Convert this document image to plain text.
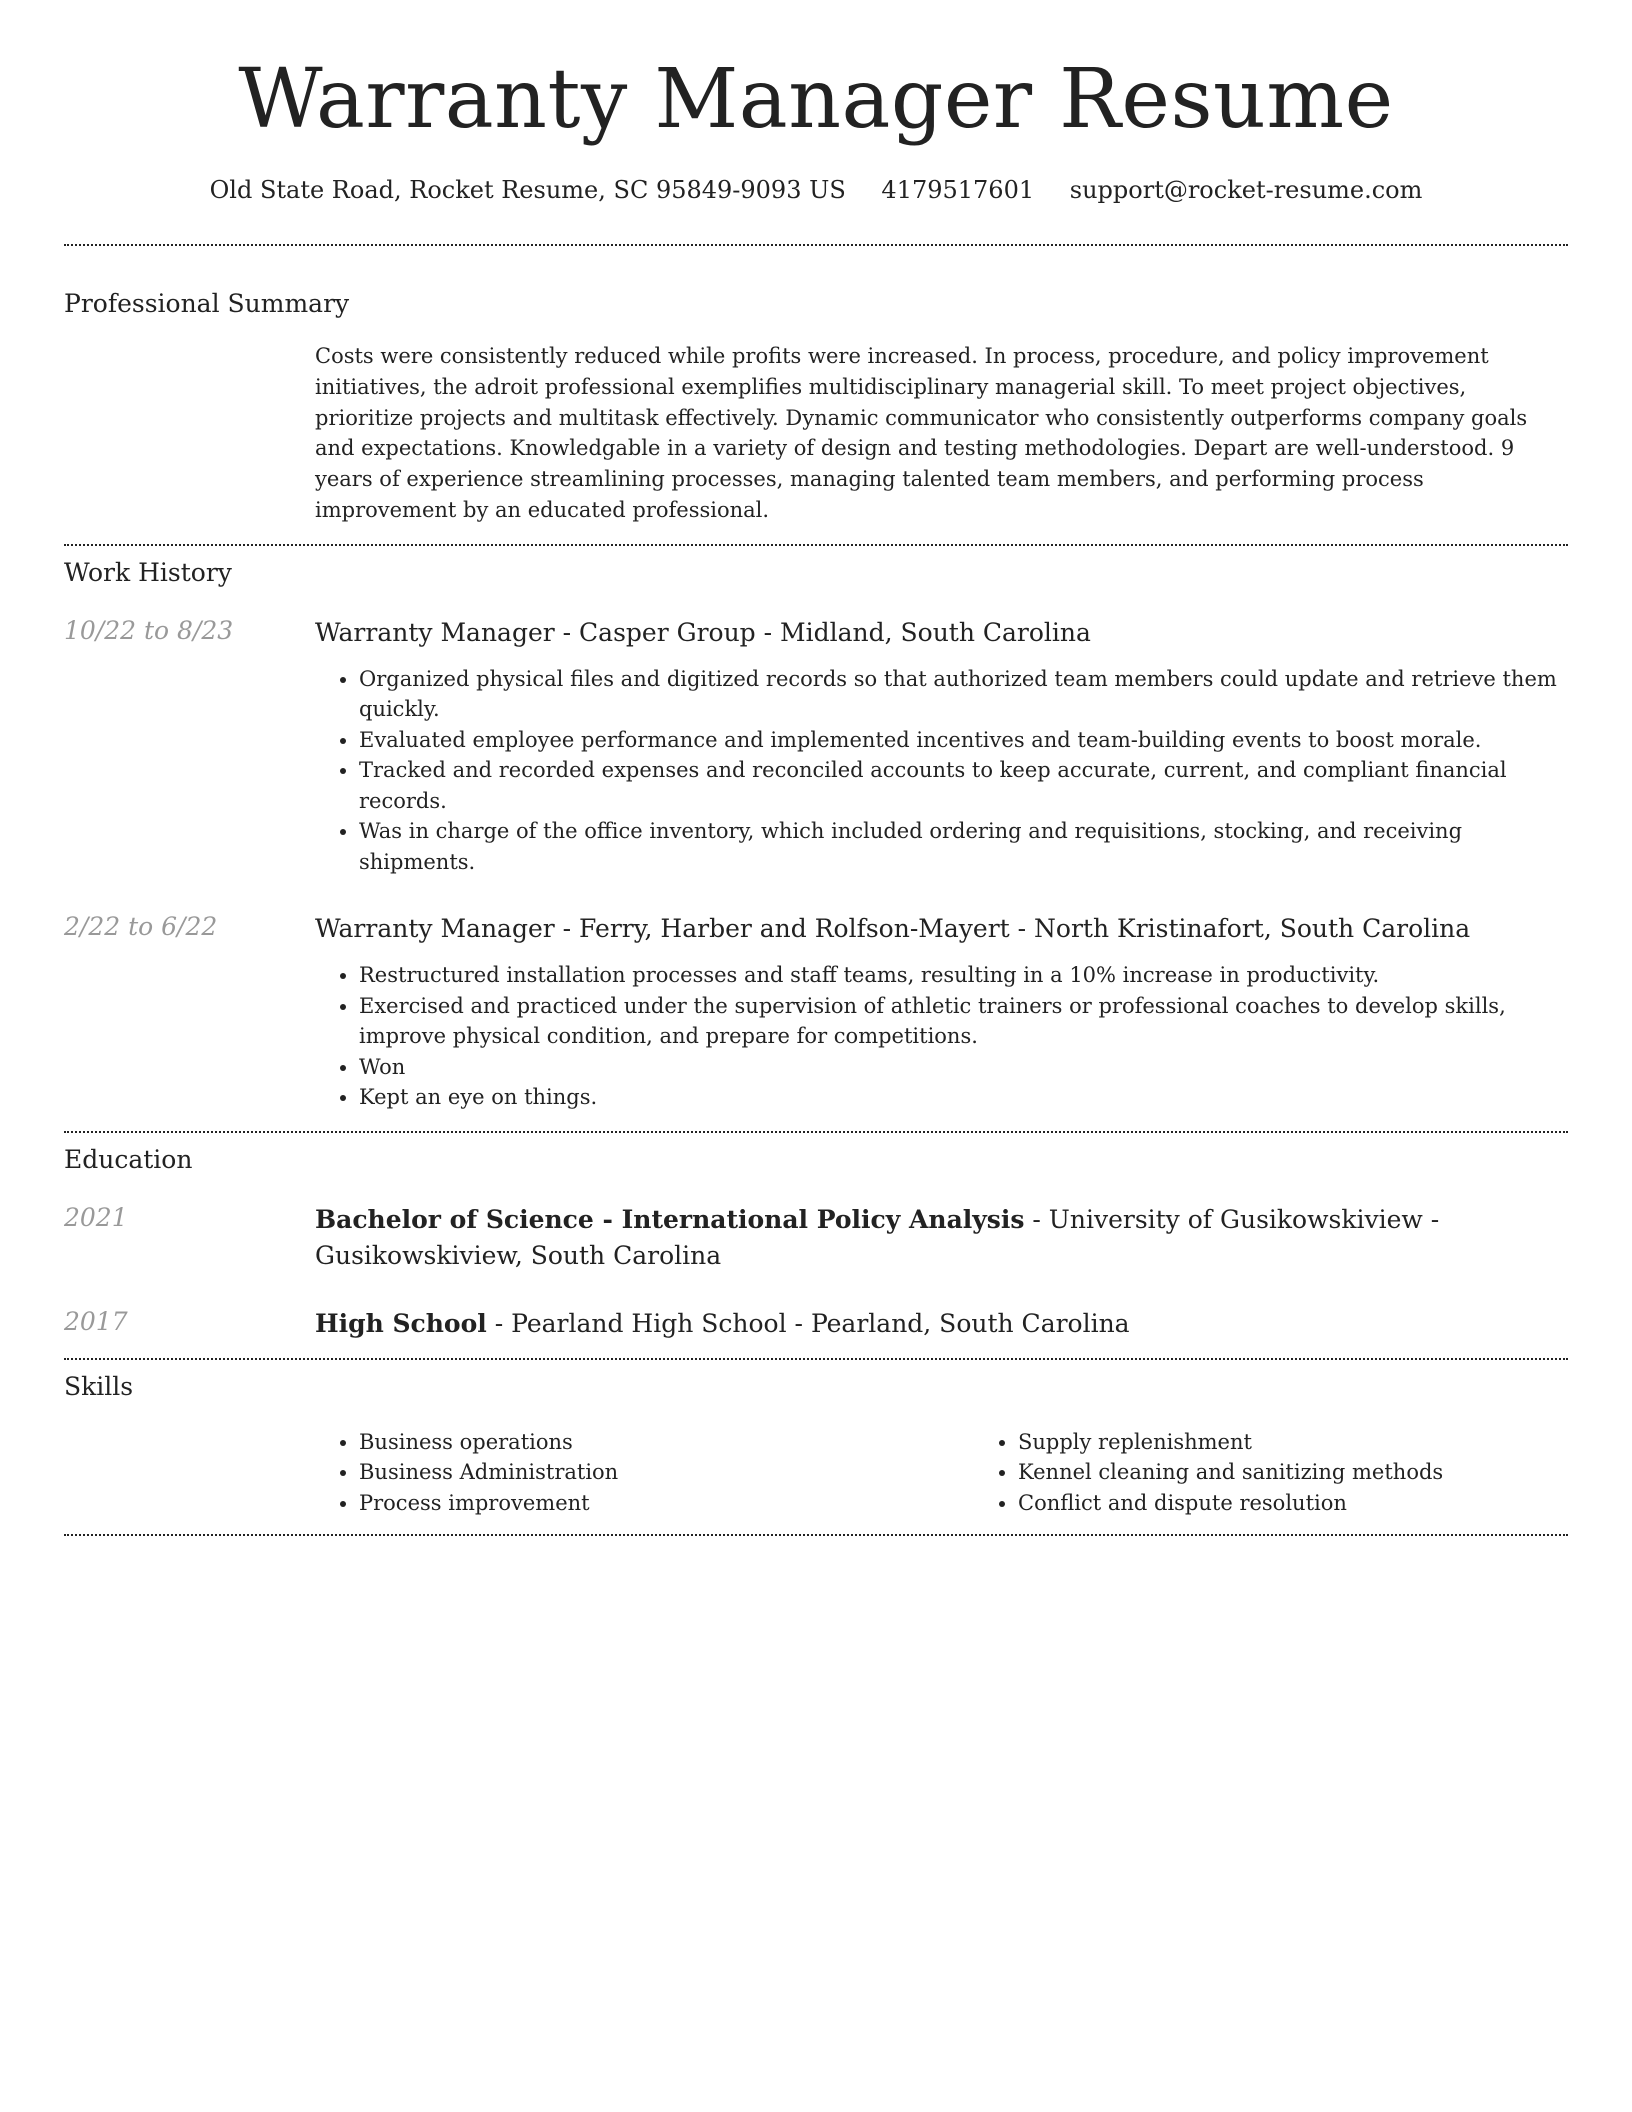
Warranty Manager Resume
Old State Road, Rocket Resume, SC 95849-9093 US 4179517601 support@rocket-resume.com
Professional Summary

Costs were consistently reduced while profits were increased. In process, procedure, and policy improvement initiatives, the adroit professional exemplifies multidisciplinary managerial skill. To meet project objectives, prioritize projects and multitask effectively. Dynamic communicator who consistently outperforms company goals and expectations. Knowledgable in a variety of design and testing methodologies. Depart are well-understood. 9 years of experience streamlining processes, managing talented team members, and performing process improvement by an educated professional.

Work History
10/22 to 8/23	Warranty Manager - Casper Group - Midland, South Carolina
• Organized physical files and digitized records so that authorized team members could update and retrieve them quickly.
• Evaluated employee performance and implemented incentives and team-building events to boost morale.
• Tracked and recorded expenses and reconciled accounts to keep accurate, current, and compliant financial records.
• Was in charge of the office inventory, which included ordering and requisitions, stocking, and receiving shipments.
2/22 to 6/22	Warranty Manager - Ferry, Harber and Rolfson-Mayert - North Kristinafort, South Carolina
• Restructured installation processes and staff teams, resulting in a 10% increase in productivity.
• Exercised and practiced under the supervision of athletic trainers or professional coaches to develop skills, improve physical condition, and prepare for competitions.
• Won
• Kept an eye on things.
Education
2021	Bachelor of Science - International Policy Analysis - University of Gusikowskiview - Gusikowskiview, South Carolina
2017	High School - Pearland High School - Pearland, South Carolina
Skills
• Business operations
• Business Administration
• Process improvement
• Supply replenishment
• Kennel cleaning and sanitizing methods
• Conflict and dispute resolution
